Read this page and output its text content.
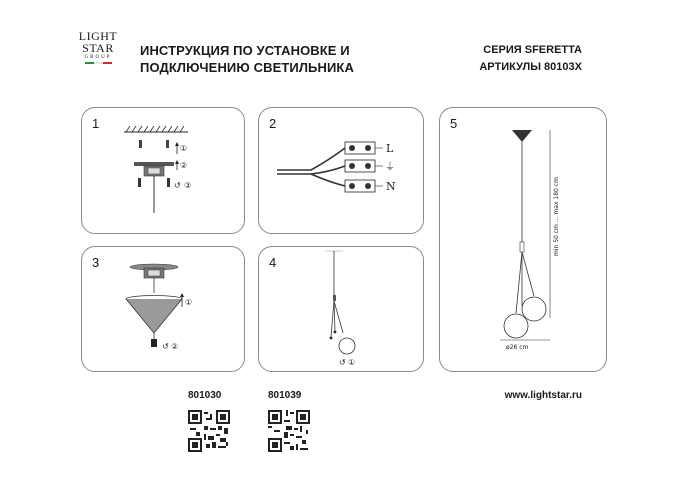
LIGHT
STAR
GROUP	ИНСТРУКЦИЯ ПО УСТАНОВКЕ И
ПОДКЛЮЧЕНИЮ СВЕТИЛЬНИКА
СЕРИЯ SFERETTA
АРТИКУЛЫ 80103X
1
↺
①
②
③
2
L
⏚
N
3
↺
①
②
4
↺ ①
5
ø26 cm
min 50 cm ... max 180 cm
801030	801039	www.lightstar.ru
